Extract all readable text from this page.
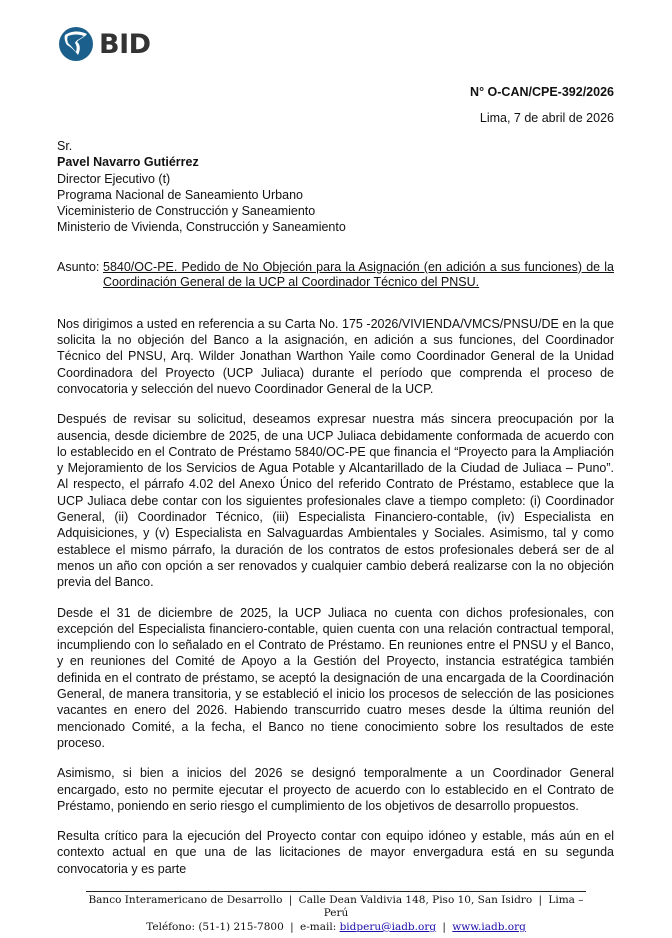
BID
N° O-CAN/CPE-392/2026
Lima, 7 de abril de 2026
Sr.
Pavel Navarro Gutiérrez
Director Ejecutivo (t)
Programa Nacional de Saneamiento Urbano
Viceministerio de Construcción y Saneamiento
Ministerio de Vivienda, Construcción y Saneamiento
Asunto: 5840/OC-PE. Pedido de No Objeción para la Asignación (en adición a sus funciones) de la Coordinación General de la UCP al Coordinador Técnico del PNSU.

Nos dirigimos a usted en referencia a su Carta No. 175 -2026/VIVIENDA/VMCS/PNSU/DE en la que solicita la no objeción del Banco a la asignación, en adición a sus funciones, del Coordinador Técnico del PNSU, Arq. Wilder Jonathan Warthon Yaile como Coordinador General de la Unidad Coordinadora del Proyecto (UCP Juliaca) durante el período que comprenda el proceso de convocatoria y selección del nuevo Coordinador General de la UCP.

Después de revisar su solicitud, deseamos expresar nuestra más sincera preocupación por la ausencia, desde diciembre de 2025, de una UCP Juliaca debidamente conformada de acuerdo con lo establecido en el Contrato de Préstamo 5840/OC-PE que financia el “Proyecto para la Ampliación y Mejoramiento de los Servicios de Agua Potable y Alcantarillado de la Ciudad de Juliaca – Puno”. Al respecto, el párrafo 4.02 del Anexo Único del referido Contrato de Préstamo, establece que la UCP Juliaca debe contar con los siguientes profesionales clave a tiempo completo: (i) Coordinador General, (ii) Coordinador Técnico, (iii) Especialista Financiero-contable, (iv) Especialista en Adquisiciones, y (v) Especialista en Salvaguardas Ambientales y Sociales. Asimismo, tal y como establece el mismo párrafo, la duración de los contratos de estos profesionales deberá ser de al menos un año con opción a ser renovados y cualquier cambio deberá realizarse con la no objeción previa del Banco.

Desde el 31 de diciembre de 2025, la UCP Juliaca no cuenta con dichos profesionales, con excepción del Especialista financiero-contable, quien cuenta con una relación contractual temporal, incumpliendo con lo señalado en el Contrato de Préstamo. En reuniones entre el PNSU y el Banco, y en reuniones del Comité de Apoyo a la Gestión del Proyecto, instancia estratégica también definida en el contrato de préstamo, se aceptó la designación de una encargada de la Coordinación General, de manera transitoria, y se estableció el inicio los procesos de selección de las posiciones vacantes en enero del 2026. Habiendo transcurrido cuatro meses desde la última reunión del mencionado Comité, a la fecha, el Banco no tiene conocimiento sobre los resultados de este proceso.

Asimismo, si bien a inicios del 2026 se designó temporalmente a un Coordinador General encargado, esto no permite ejecutar el proyecto de acuerdo con lo establecido en el Contrato de Préstamo, poniendo en serio riesgo el cumplimiento de los objetivos de desarrollo propuestos.

Resulta crítico para la ejecución del Proyecto contar con equipo idóneo y estable, más aún en el contexto actual en que una de las licitaciones de mayor envergadura está en su segunda convocatoria y es parte

Banco Interamericano de Desarrollo | Calle Dean Valdivia 148, Piso 10, San Isidro | Lima – Perú
Teléfono: (51-1) 215-7800 | e-mail: bidperu@iadb.org | www.iadb.org
